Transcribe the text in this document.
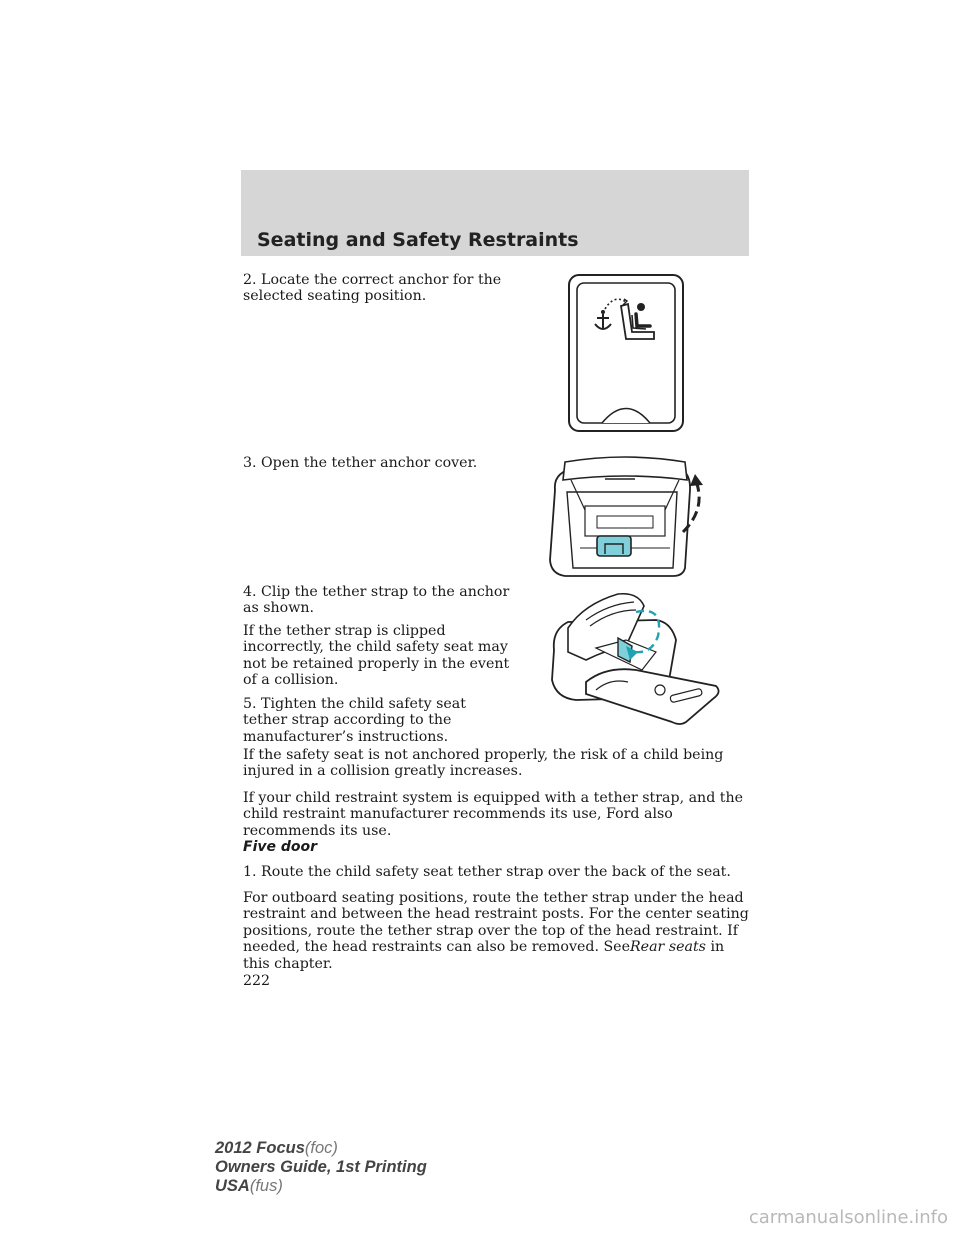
Seating and Safety Restraints

2. Locate the correct anchor for the selected seating position.

3. Open the tether anchor cover.

4. Clip the tether strap to the anchor as shown.

If the tether strap is clipped incorrectly, the child safety seat may not be retained properly in the event of a collision.

5. Tighten the child safety seat tether strap according to the manufacturer’s instructions.

If the safety seat is not anchored properly, the risk of a child being injured in a collision greatly increases.

If your child restraint system is equipped with a tether strap, and the child restraint manufacturer recommends its use, Ford also recommends its use.

Five door

1. Route the child safety seat tether strap over the back of the seat.

For outboard seating positions, route the tether strap under the head restraint and between the head restraint posts. For the center seating positions, route the tether strap over the top of the head restraint. If needed, the head restraints can also be removed. SeeRear seats in this chapter.

222

2012 Focus(foc)
Owners Guide, 1st Printing
USA(fus)
carmanualsonline.info
